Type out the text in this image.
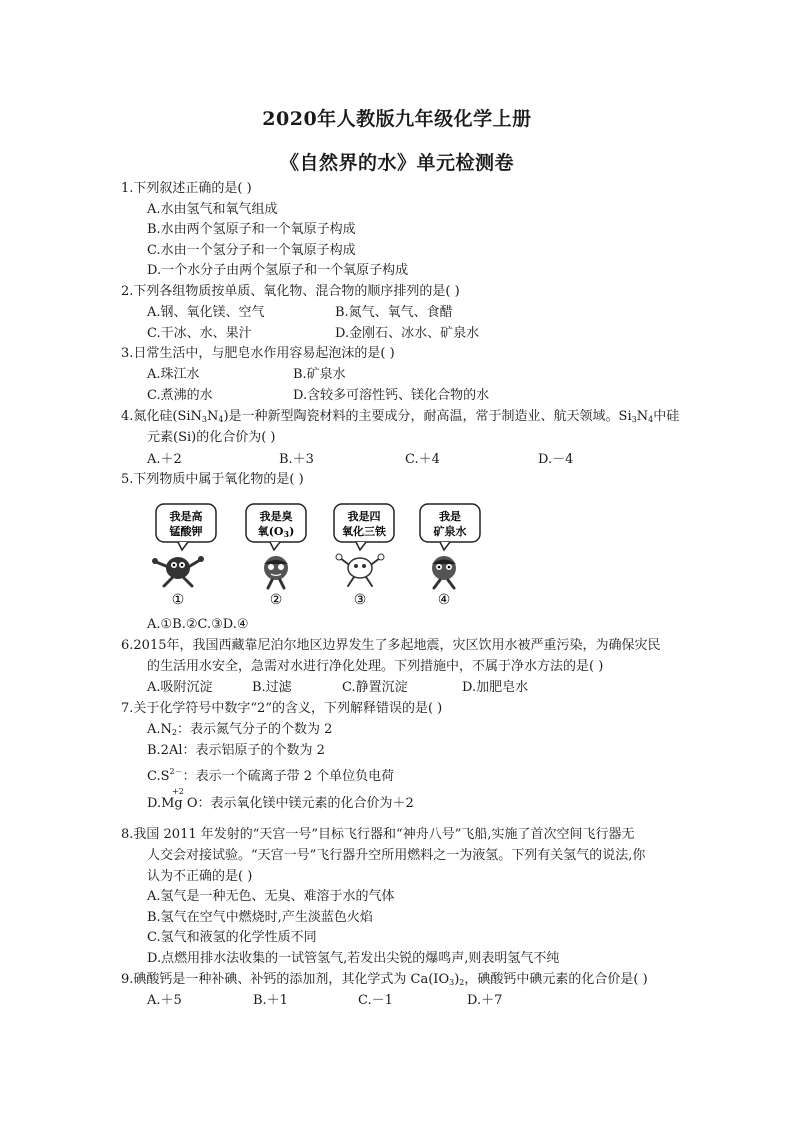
2020年人教版九年级化学上册
《自然界的水》单元检测卷
1.下列叙述正确的是( )
A.水由氢气和氧气组成
B.水由两个氢原子和一个氧原子构成
C.水由一个氢分子和一个氧原子构成
D.一个水分子由两个氢原子和一个氧原子构成
2.下列各组物质按单质、氧化物、混合物的顺序排列的是( )
A.钢、氧化镁、空气	B.氮气、氧气、食醋
C.干冰、水、果汁	D.金刚石、冰水、矿泉水
3.日常生活中，与肥皂水作用容易起泡沫的是( )
A.珠江水	B.矿泉水
C.煮沸的水	D.含较多可溶性钙、镁化合物的水
4.氮化硅$(SiN_3N_4)$是一种新型陶瓷材料的主要成分，耐高温，常于制造业、航天领域。$Si_3N_4$中硅
元素(Si)的化合价为( )
A.＋2	B.＋3	C.＋4	D.－4
5.下列物质中属于氧化物的是( )
我是高
锰酸钾
①
我是臭
氧(O3)
②
我是四
氧化三铁
③
我是
矿泉水
④
A.①B.②C.③D.④
6.2015年，我国西藏靠尼泊尔地区边界发生了多起地震，灾区饮用水被严重污染，为确保灾民
的生活用水安全，急需对水进行净化处理。下列措施中，不属于净水方法的是( )
A.吸附沉淀	B.过滤	C.静置沉淀	D.加肥皂水
7.关于化学符号中数字“2”的含义，下列解释错误的是( )
$A.N_2$：表示氮气分子的个数为 2
B.2Al：表示铝原子的个数为 2
$C.S^{2-}$：表示一个硫离子带 2 个单位负电荷
+2
D.Mg O：表示氧化镁中镁元素的化合价为＋2
8.我国 2011 年发射的“天宫一号”目标飞行器和“神舟八号”飞船,实施了首次空间飞行器无
人交会对接试验。“天宫一号”飞行器升空所用燃料之一为液氢。下列有关氢气的说法,你
认为不正确的是( )
A.氢气是一种无色、无臭、难溶于水的气体
B.氢气在空气中燃烧时,产生淡蓝色火焰
C.氢气和液氢的化学性质不同
D.点燃用排水法收集的一试管氢气,若发出尖锐的爆鸣声,则表明氢气不纯
9.碘酸钙是一种补碘、补钙的添加剂，其化学式为 $Ca(IO_3)_2$，碘酸钙中碘元素的化合价是( )
A.＋5	B.＋1	C.－1	D.＋7
